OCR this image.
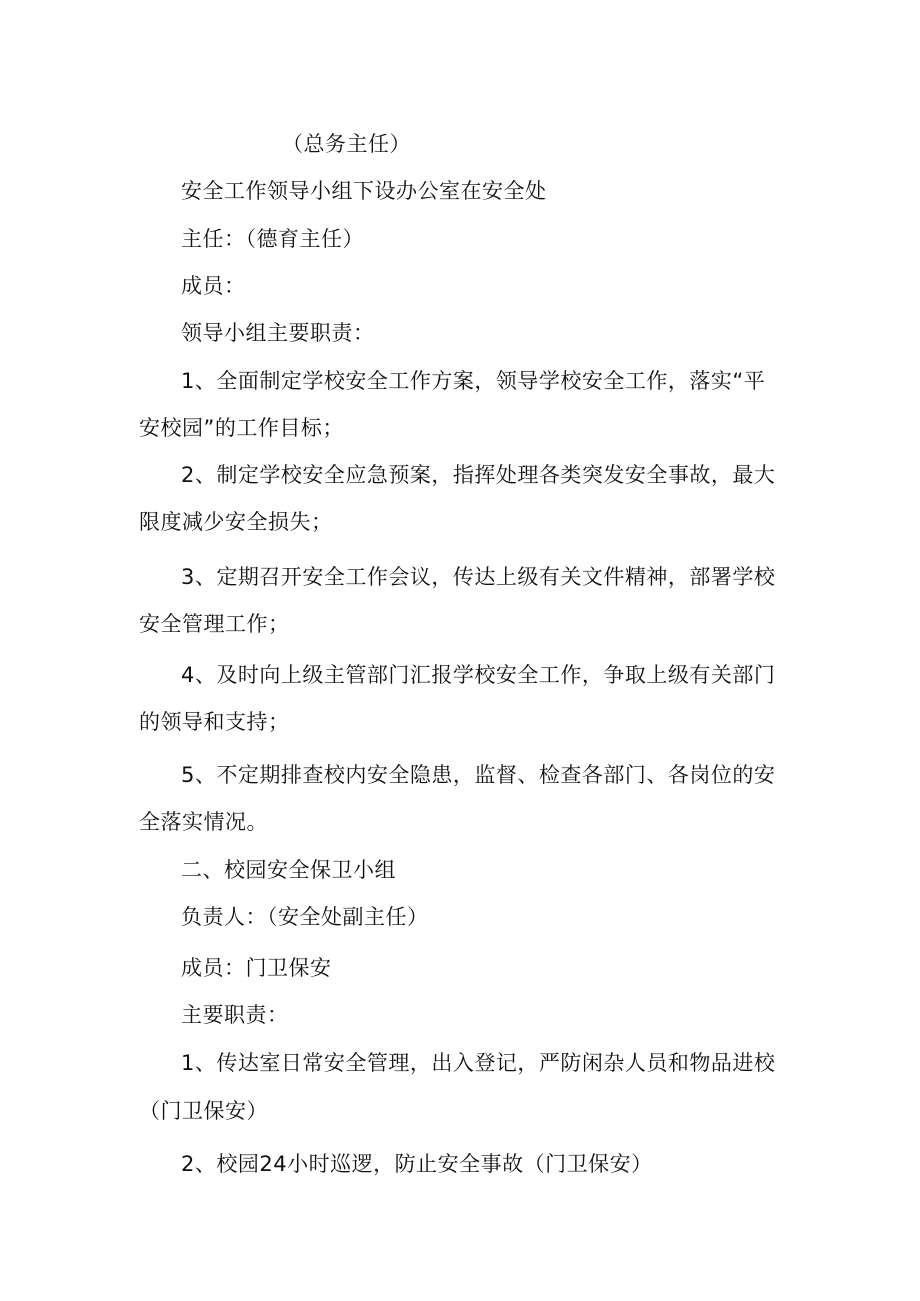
（总务主任）
安全工作领导小组下设办公室在安全处
主任：（德育主任）
成员：
领导小组主要职责：
1、全面制定学校安全工作方案，领导学校安全工作，落实“平
安校园”的工作目标；
2、制定学校安全应急预案，指挥处理各类突发安全事故，最大
限度减少安全损失；
3、定期召开安全工作会议，传达上级有关文件精神，部署学校
安全管理工作；
4、及时向上级主管部门汇报学校安全工作，争取上级有关部门
的领导和支持；
5、不定期排查校内安全隐患，监督、检查各部门、各岗位的安
全落实情况。
二、校园安全保卫小组
负责人：（安全处副主任）
成员：门卫保安
主要职责：
1、传达室日常安全管理，出入登记，严防闲杂人员和物品进校
（门卫保安）
2、校园24小时巡逻，防止安全事故（门卫保安）
